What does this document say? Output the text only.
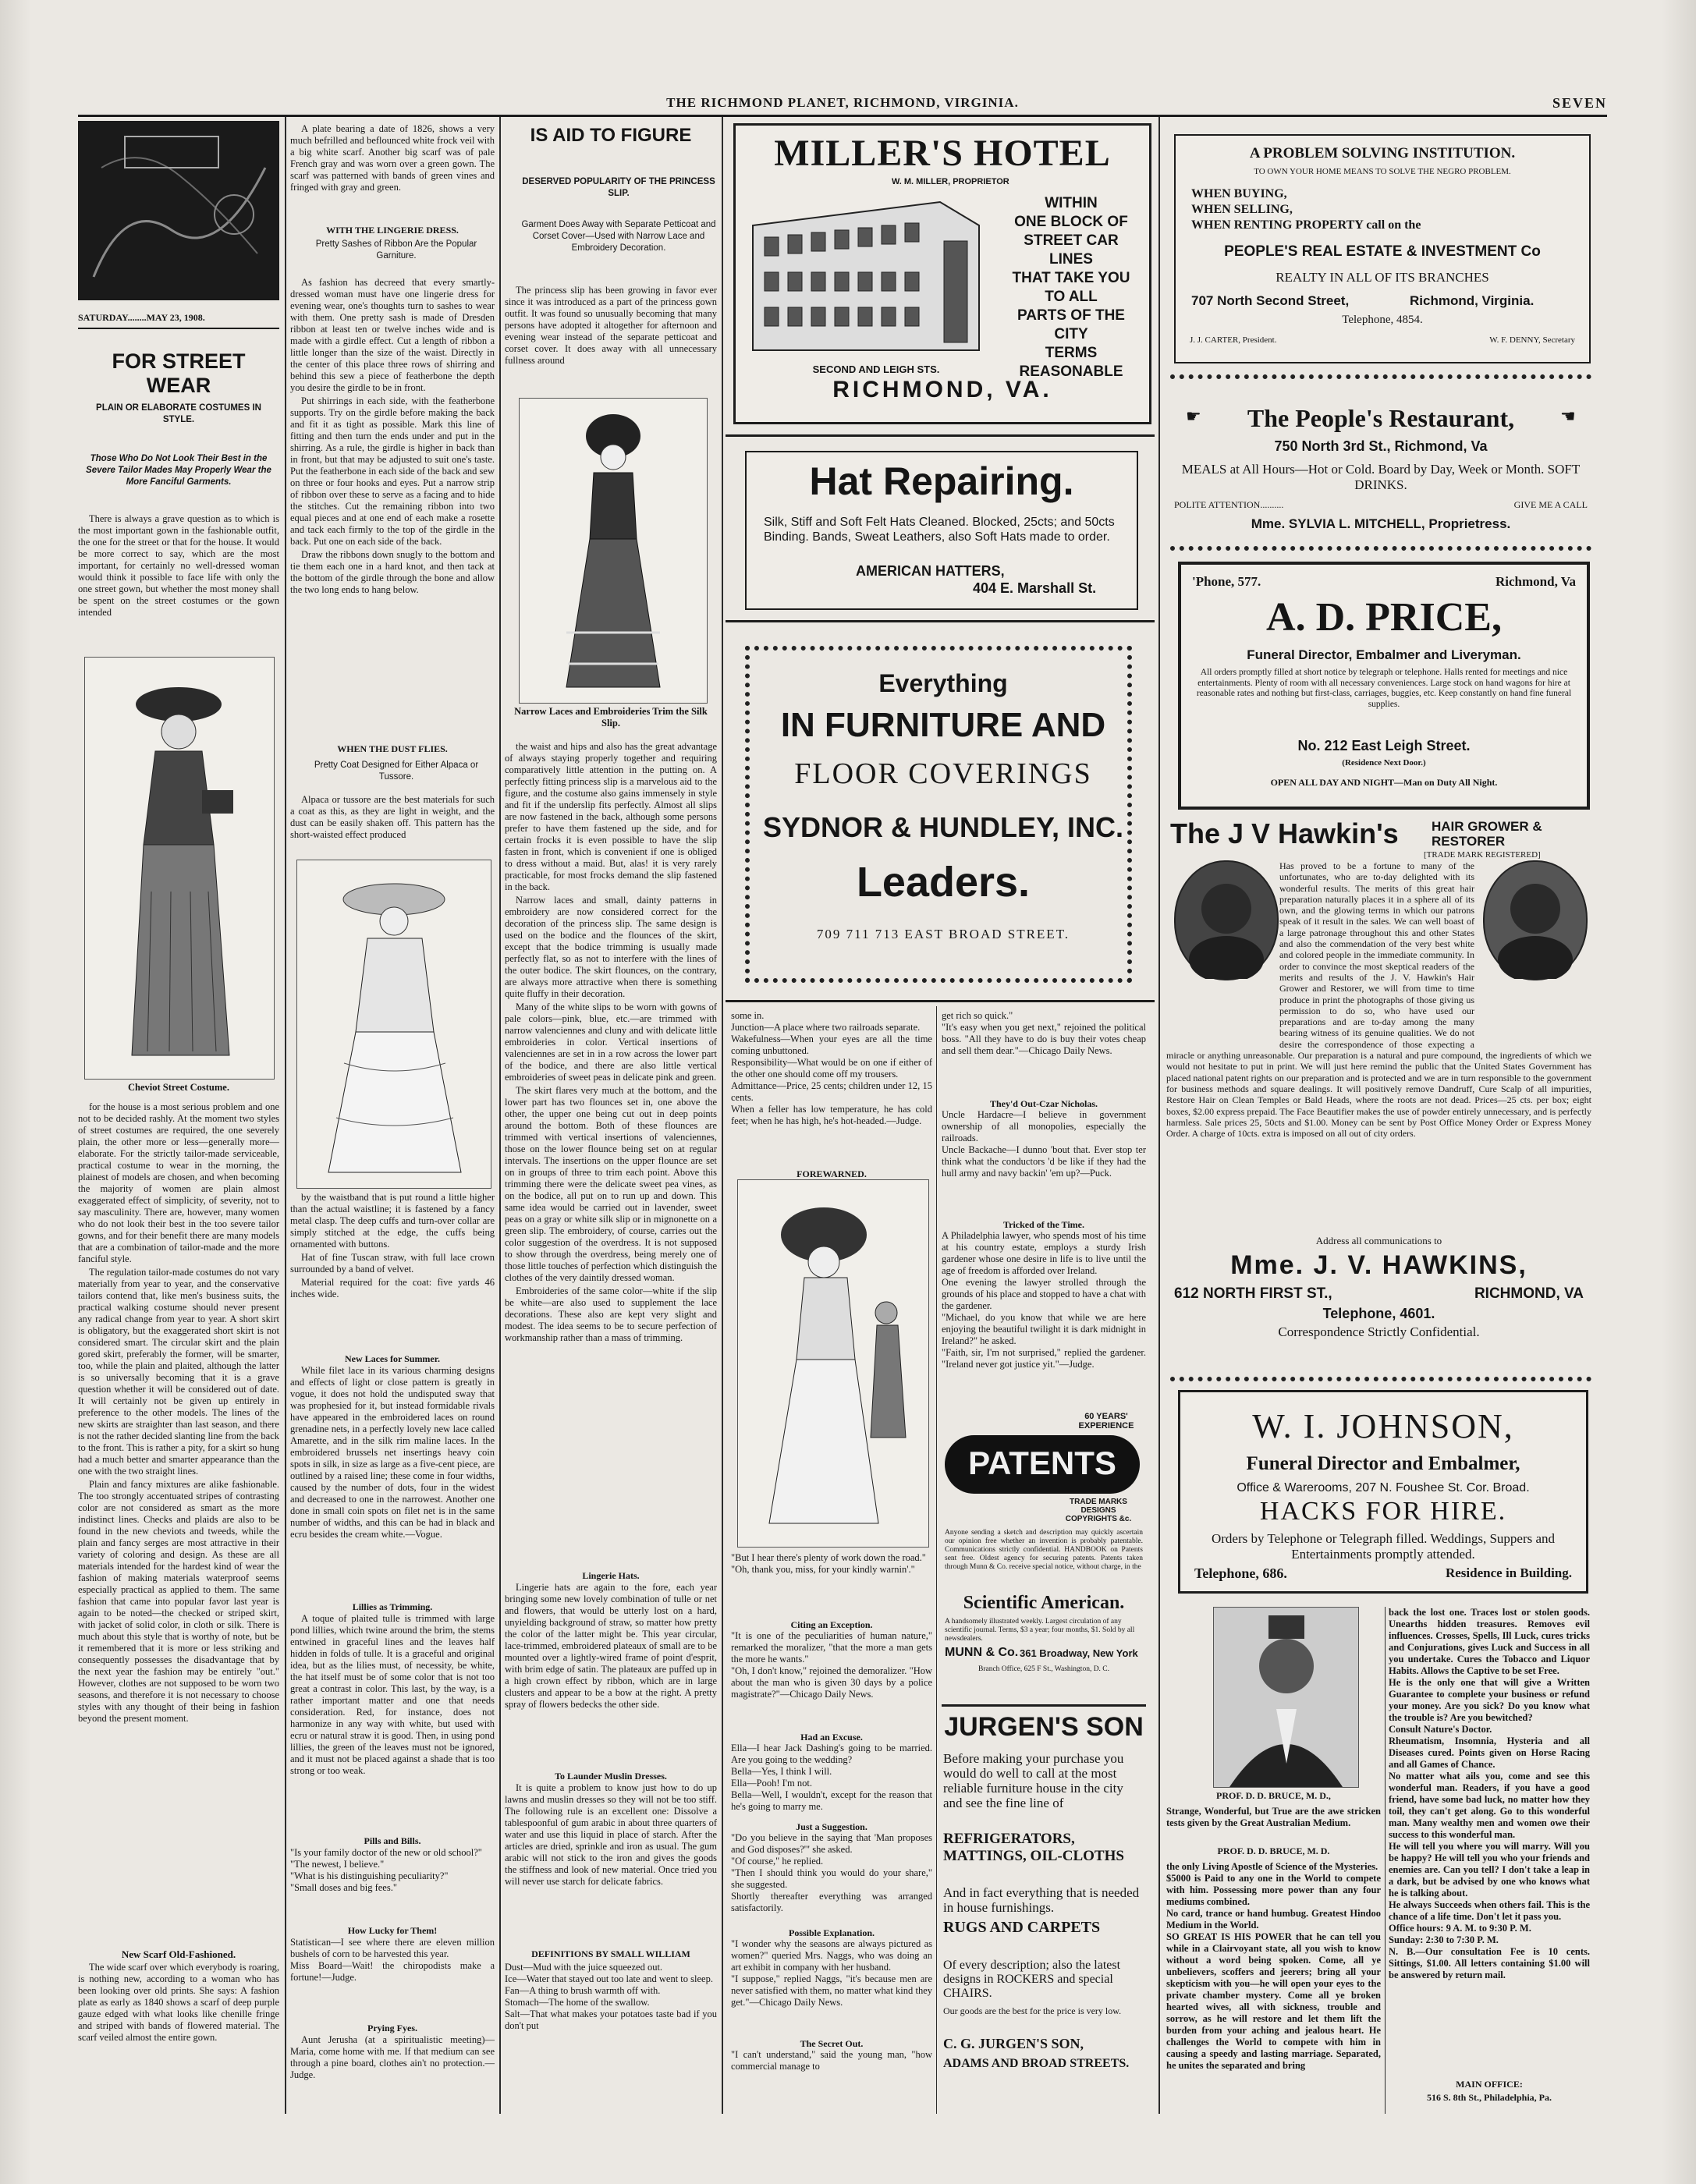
THE RICHMOND PLANET, RICHMOND, VIRGINIA.	SEVEN
SATURDAY........MAY 23, 1908.
FOR STREET WEAR
PLAIN OR ELABORATE COSTUMES IN STYLE.
Those Who Do Not Look Their Best in the Severe Tailor Mades May Properly Wear the More Fanciful Garments.

There is always a grave question as to which is the most important gown in the fashionable outfit, the one for the street or that for the house. It would be more correct to say, which are the most important, for certainly no well-dressed woman would think it possible to face life with only the one street gown, but whether the most money shall be spent on the street costumes or the gown intended

Cheviot Street Costume.

for the house is a most serious problem and one not to be decided rashly. At the moment two styles of street costumes are required, the one severely plain, the other more or less—generally more—elaborate. For the strictly tailor-made serviceable, practical costume to wear in the morning, the plainest of models are chosen, and when becoming the majority of women are plain almost exaggerated effect of simplicity, of severity, not to say masculinity. There are, however, many women who do not look their best in the too severe tailor gowns, and for their benefit there are many models that are a combination of tailor-made and the more fanciful style.

The regulation tailor-made costumes do not vary materially from year to year, and the conservative tailors contend that, like men's business suits, the practical walking costume should never present any radical change from year to year. A short skirt is obligatory, but the exaggerated short skirt is not considered smart. The circular skirt and the plain gored skirt, preferably the former, will be smarter, too, while the plain and plaited, although the latter is so universally becoming that it is a grave question whether it will be considered out of date. It will certainly not be given up entirely in preference to the other models. The lines of the new skirts are straighter than last season, and there is not the rather decided slanting line from the back to the front. This is rather a pity, for a skirt so hung had a much better and smarter appearance than the one with the two straight lines.

Plain and fancy mixtures are alike fashionable. The too strongly accentuated stripes of contrasting color are not considered as smart as the more indistinct lines. Checks and plaids are also to be found in the new cheviots and tweeds, while the plain and fancy serges are most attractive in their variety of coloring and design. As these are all materials intended for the hardest kind of wear the fashion of making materials waterproof seems especially practical as applied to them. The same fashion that came into popular favor last year is again to be noted—the checked or striped skirt, with jacket of solid color, in cloth or silk. There is much about this style that is worthy of note, but be it remembered that it is more or less striking and consequently possesses the disadvantage that by the next year the fashion may be entirely "out." However, clothes are not supposed to be worn two seasons, and therefore it is not necessary to choose styles with any thought of their being in fashion beyond the present moment.

New Scarf Old-Fashioned.

The wide scarf over which everybody is roaring, is nothing new, according to a woman who has been looking over old prints. She says: A fashion plate as early as 1840 shows a scarf of deep purple gauze edged with what looks like chenille fringe and striped with bands of flowered material. The scarf veiled almost the entire gown.

A plate bearing a date of 1826, shows a very much befrilled and beflounced white frock veil with a big white scarf. Another big scarf was of pale French gray and was worn over a green gown. The scarf was patterned with bands of green vines and fringed with gray and green.

WITH THE LINGERIE DRESS.
Pretty Sashes of Ribbon Are the Popular Garniture.

As fashion has decreed that every smartly-dressed woman must have one lingerie dress for evening wear, one's thoughts turn to sashes to wear with them. One pretty sash is made of Dresden ribbon at least ten or twelve inches wide and is made with a girdle effect. Cut a length of ribbon a little longer than the size of the waist. Directly in the center of this place three rows of shirring and behind this sew a piece of featherbone the depth you desire the girdle to be in front.

Put shirrings in each side, with the featherbone supports. Try on the girdle before making the back and fit it as tight as possible. Mark this line of fitting and then turn the ends under and put in the shirring. As a rule, the girdle is higher in back than in front, but that may be adjusted to suit one's taste. Put the featherbone in each side of the back and sew on three or four hooks and eyes. Put a narrow strip of ribbon over these to serve as a facing and to hide the stitches. Cut the remaining ribbon into two equal pieces and at one end of each make a rosette and tack each firmly to the top of the girdle in the back. Put one on each side of the back.

Draw the ribbons down snugly to the bottom and tie them each one in a hard knot, and then tack at the bottom of the girdle through the bone and allow the two long ends to hang below.

WHEN THE DUST FLIES.
Pretty Coat Designed for Either Alpaca or Tussore.

Alpaca or tussore are the best materials for such a coat as this, as they are light in weight, and the dust can be easily shaken off. This pattern has the short-waisted effect produced

by the waistband that is put round a little higher than the actual waistline; it is fastened by a fancy metal clasp. The deep cuffs and turn-over collar are simply stitched at the edge, the cuffs being ornamented with buttons.

Hat of fine Tuscan straw, with full lace crown surrounded by a band of velvet.

Material required for the coat: five yards 46 inches wide.

New Laces for Summer.

While filet lace in its various charming designs and effects of light or close pattern is greatly in vogue, it does not hold the undisputed sway that was prophesied for it, but instead formidable rivals have appeared in the embroidered laces on round grenadine nets, in a perfectly lovely new lace called Amarette, and in the silk rim maline laces. In the embroidered brussels net insertings heavy coin spots in silk, in size as large as a five-cent piece, are outlined by a raised line; these come in four widths, caused by the number of dots, four in the widest and decreased to one in the narrowest. Another one done in small coin spots on filet net is in the same number of widths, and this can be had in black and ecru besides the cream white.—Vogue.

Lillies as Trimming.

A toque of plaited tulle is trimmed with large pond lillies, which twine around the brim, the stems entwined in graceful lines and the leaves half hidden in folds of tulle. It is a graceful and original idea, but as the lilies must, of necessity, be white, the hat itself must be of some color that is not too great a contrast in color. This last, by the way, is a rather important matter and one that needs consideration. Red, for instance, does not harmonize in any way with white, but used with ecru or natural straw it is good. Then, in using pond lillies, the green of the leaves must not be ignored, and it must not be placed against a shade that is too strong or too weak.

Pills and Bills.
"Is your family doctor of the new or old school?"
"The newest, I believe."
"What is his distinguishing peculiarity?"
"Small doses and big fees."
How Lucky for Them!
Statistican—I see where there are eleven million bushels of corn to be harvested this year.
Miss Board—Wait! the chiropodists make a fortune!—Judge.
Prying Fyes.

Aunt Jerusha (at a spiritualistic meeting)—Maria, come home with me. If that medium can see through a pine board, clothes ain't no protection.—Judge.

IS AID TO FIGURE
DESERVED POPULARITY OF THE PRINCESS SLIP.
Garment Does Away with Separate Petticoat and Corset Cover—Used with Narrow Lace and Embroidery Decoration.

The princess slip has been growing in favor ever since it was introduced as a part of the princess gown outfit. It was found so unusually becoming that many persons have adopted it altogether for afternoon and evening wear instead of the separate petticoat and corset cover. It does away with all unnecessary fullness around

Narrow Laces and Embroideries Trim the Silk Slip.

the waist and hips and also has the great advantage of always staying properly together and requiring comparatively little attention in the putting on. A perfectly fitting princess slip is a marvelous aid to the figure, and the costume also gains immensely in style and fit if the underslip fits perfectly. Almost all slips are now fastened in the back, although some persons prefer to have them fastened up the side, and for certain frocks it is even possible to have the slip fasten in front, which is convenient if one is obliged to dress without a maid. But, alas! it is very rarely practicable, for most frocks demand the slip fastened in the back.

Narrow laces and small, dainty patterns in embroidery are now considered correct for the decoration of the princess slip. The same design is used on the bodice and the flounces of the skirt, except that the bodice trimming is usually made perfectly flat, so as not to interfere with the lines of the outer bodice. The skirt flounces, on the contrary, are always more attractive when there is something quite fluffy in their decoration.

Many of the white slips to be worn with gowns of pale colors—pink, blue, etc.—are trimmed with narrow valenciennes and cluny and with delicate little embroideries in color. Vertical insertions of valenciennes are set in in a row across the lower part of the bodice, and there are also little vertical embroideries of sweet peas in delicate pink and green.

The skirt flares very much at the bottom, and the lower part has two flounces set in, one above the other, the upper one being cut out in deep points around the bottom. Both of these flounces are trimmed with vertical insertions of valenciennes, those on the lower flounce being set on at regular intervals. The insertions on the upper flounce are set on in groups of three to trim each point. Above this trimming there were the delicate sweet pea vines, as on the bodice, all put on to run up and down. This same idea would be carried out in lavender, sweet peas on a gray or white silk slip or in mignonette on a green slip. The embroidery, of course, carries out the color suggestion of the overdress. It is not supposed to show through the overdress, being merely one of those little touches of perfection which distinguish the clothes of the very daintily dressed woman.

Embroideries of the same color—white if the slip be white—are also used to supplement the lace decorations. These also are kept very slight and modest. The idea seems to be to secure perfection of workmanship rather than a mass of trimming.

Lingerie Hats.

Lingerie hats are again to the fore, each year bringing some new lovely combination of tulle or net and flowers, that would be utterly lost on a hard, unyielding background of straw, so matter how pretty the color of the latter might be. This year circular, lace-trimmed, embroidered plateaux of small are to be mounted over a lightly-wired frame of point d'esprit, with brim edge of satin. The plateaux are puffed up in a high crown effect by ribbon, which are in large clusters and appear to be a bow at the right. A pretty spray of flowers bedecks the other side.

To Launder Muslin Dresses.

It is quite a problem to know just how to do up lawns and muslin dresses so they will not be too stiff. The following rule is an excellent one: Dissolve a tablespoonful of gum arabic in about three quarters of water and use this liquid in place of starch. After the articles are dried, sprinkle and iron as usual. The gum arabic will not stick to the iron and gives the goods the stiffness and look of new material. Once tried you will never use starch for delicate fabrics.

DEFINITIONS BY SMALL WILLIAM
Dust—Mud with the juice squeezed out.
Ice—Water that stayed out too late and went to sleep.
Fan—A thing to brush warmth off with.
Stomach—The home of the swallow.
Salt—That what makes your potatoes taste bad if you don't put
MILLER'S HOTEL
W. M. MILLER, PROPRIETOR
WITHIN
ONE BLOCK OF
STREET CAR LINES
THAT TAKE YOU
TO ALL
PARTS OF THE
CITY
TERMS
REASONABLE
SECOND AND LEIGH STS.
RICHMOND, VA.
Hat Repairing.
Silk, Stiff and Soft Felt Hats Cleaned. Blocked, 25cts; and 50cts Binding. Bands, Sweat Leathers, also Soft Hats made to order.
AMERICAN HATTERS,
404 E. Marshall St.
Everything
IN FURNITURE AND
FLOOR COVERINGS
SYDNOR & HUNDLEY, INC.
Leaders.
709 711 713 EAST BROAD STREET.
some in.
Junction—A place where two railroads separate.
Wakefulness—When your eyes are all the time coming unbuttoned.
Responsibility—What would be on one if either of the other one should come off my trousers.
Admittance—Price, 25 cents; children under 12, 15 cents.
When a feller has low temperature, he has cold feet; when he has high, he's hot-headed.—Judge.
FOREWARNED.
"But I hear there's plenty of work down the road."
"Oh, thank you, miss, for your kindly warnin'."
Citing an Exception.
"It is one of the peculiarities of human nature," remarked the moralizer, "that the more a man gets the more he wants."
"Oh, I don't know," rejoined the demoralizer. "How about the man who is given 30 days by a police magistrate?"—Chicago Daily News.
Had an Excuse.
Ella—I hear Jack Dashing's going to be married. Are you going to the wedding?
Bella—Yes, I think I will.
Ella—Pooh! I'm not.
Bella—Well, I wouldn't, except for the reason that he's going to marry me.
Just a Suggestion.
"Do you believe in the saying that 'Man proposes and God disposes?'" she asked.
"Of course," he replied.
"Then I should think you would do your share," she suggested.
Shortly thereafter everything was arranged satisfactorily.
Possible Explanation.
"I wonder why the seasons are always pictured as women?" queried Mrs. Naggs, who was doing an art exhibit in company with her husband.
"I suppose," replied Naggs, "it's because men are never satisfied with them, no matter what kind they get."—Chicago Daily News.
The Secret Out.
"I can't understand," said the young man, "how commercial manage to
get rich so quick."
"It's easy when you get next," rejoined the political boss. "All they have to do is buy their votes cheap and sell them dear."—Chicago Daily News.
They'd Out-Czar Nicholas.
Uncle Hardacre—I believe in government ownership of all monopolies, especially the railroads.
Uncle Backache—I dunno 'bout that. Ever stop ter think what the conductors 'd be like if they had the hull army and navy backin' 'em up?—Puck.
Tricked of the Time.
A Philadelphia lawyer, who spends most of his time at his country estate, employs a sturdy Irish gardener whose one desire in life is to live until the age of freedom is afforded over Ireland.
One evening the lawyer strolled through the grounds of his place and stopped to have a chat with the gardener.
"Michael, do you know that while we are here enjoying the beautiful twilight it is dark midnight in Ireland?" he asked.
"Faith, sir, I'm not surprised," replied the gardener. "Ireland never got justice yit."—Judge.
60 YEARS' EXPERIENCE
PATENTS
TRADE MARKS DESIGNS COPYRIGHTS &c.
Anyone sending a sketch and description may quickly ascertain our opinion free whether an invention is probably patentable. Communications strictly confidential. HANDBOOK on Patents sent free. Oldest agency for securing patents. Patents taken through Munn & Co. receive special notice, without charge, in the
Scientific American.
A handsomely illustrated weekly. Largest circulation of any scientific journal. Terms, $3 a year; four months, $1. Sold by all newsdealers.
MUNN & Co. 361 Broadway, New York
Branch Office, 625 F St., Washington, D. C.
JURGEN'S SON
Before making your purchase you would do well to call at the most reliable furniture house in the city and see the fine line of
REFRIGERATORS, MATTINGS, OIL-CLOTHS
And in fact everything that is needed in house furnishings.
RUGS AND CARPETS
Of every description; also the latest designs in ROCKERS and special CHAIRS.
Our goods are the best for the price is very low.
C. G. JURGEN'S SON,
ADAMS AND BROAD STREETS.
A PROBLEM SOLVING INSTITUTION.
TO OWN YOUR HOME MEANS TO SOLVE THE NEGRO PROBLEM.
WHEN BUYING,
WHEN SELLING,
WHEN RENTING PROPERTY call on the
PEOPLE'S REAL ESTATE & INVESTMENT Co
REALTY IN ALL OF ITS BRANCHES
707 North Second Street,	Richmond, Virginia.
Telephone, 4854.
J. J. CARTER, President.	W. F. DENNY, Secretary
☛	☛
The People's Restaurant,
750 North 3rd St., Richmond, Va
MEALS at All Hours—Hot or Cold. Board by Day, Week or Month. SOFT DRINKS.
POLITE ATTENTION..........	GIVE ME A CALL
Mme. SYLVIA L. MITCHELL, Proprietress.
'Phone, 577.	Richmond, Va
A. D. PRICE,
Funeral Director, Embalmer and Liveryman.
All orders promptly filled at short notice by telegraph or telephone. Halls rented for meetings and nice entertainments. Plenty of room with all necessary conveniences. Large stock on hand wagons for hire at reasonable rates and nothing but first-class, carriages, buggies, etc. Keep constantly on hand fine funeral supplies.
No. 212 East Leigh Street.
(Residence Next Door.)
OPEN ALL DAY AND NIGHT—Man on Duty All Night.
The J V Hawkin's HAIR GROWER & RESTORER
[TRADE MARK REGISTERED]
Has proved to be a fortune to many of the unfortunates, who are to-day delighted with its wonderful results. The merits of this great hair preparation naturally places it in a sphere all of its own, and the glowing terms in which our patrons speak of it result in the sales. We can well boast of a large patronage throughout this and other States and also the commendation of the very best white and colored people in the immediate community. In order to convince the most skeptical readers of the merits and results of the J. V. Hawkin's Hair Grower and Restorer, we will from time to time produce in print the photographs of those giving us permission to do so, who have used our preparations and are to-day among the many bearing witness of its genuine qualities. We do not desire the correspondence of those expecting a miracle or anything unreasonable. Our preparation is a natural and pure compound, the ingredients of which we would not hesitate to put in print. We will just here remind the public that the United States Government has placed national patent rights on our preparation and is protected and we are in turn responsible to the government for business methods and square dealings. It will positively remove Dandruff, Cure Scalp of all impurities, Restore Hair on Clean Temples or Bald Heads, where the roots are not dead. Prices—25 cts. per box; eight boxes, $2.00 express prepaid. The Face Beautifier makes the use of powder entirely unnecessary, and is perfectly harmless. Sale prices 25, 50cts and $1.00. Money can be sent by Post Office Money Order or Express Money Order. A charge of 10cts. extra is imposed on all out of city orders.
Address all communications to
Mme. J. V. HAWKINS,
612 NORTH FIRST ST.,	RICHMOND, VA
Telephone, 4601.
Correspondence Strictly Confidential.
W. I. JOHNSON,
Funeral Director and Embalmer,
Office & Warerooms, 207 N. Foushee St. Cor. Broad.
HACKS FOR HIRE.
Orders by Telephone or Telegraph filled. Weddings, Suppers and Entertainments promptly attended.
Telephone, 686.	Residence in Building.
PROF. D. D. BRUCE, M. D.,
Strange, Wonderful, but True are the awe stricken tests given by the Great Australian Medium.
PROF. D. D. BRUCE, M. D.
the only Living Apostle of Science of the Mysteries.
$5000 is Paid to any one in the World to compete with him. Possessing more power than any four mediums combined.
No card, trance or hand humbug. Greatest Hindoo Medium in the World.
SO GREAT IS HIS POWER that he can tell you while in a Clairvoyant state, all you wish to know without a word being spoken. Come, all ye unbelievers, scoffers and jeerers; bring all your skepticism with you—he will open your eyes to the private chamber mystery. Come all ye broken hearted wives, all with sickness, trouble and sorrow, as he will restore and let them lift the burden from your aching and jealous heart. He challenges the World to compete with him in causing a speedy and lasting marriage. Separated, he unites the separated and bring
back the lost one. Traces lost or stolen goods. Unearths hidden treasures. Removes evil influences. Crosses, Spells, Ill Luck, cures tricks and Conjurations, gives Luck and Success in all you undertake. Cures the Tobacco and Liquor Habits. Allows the Captive to be set Free.
He is the only one that will give a Written Guarantee to complete your business or refund your money. Are you sick? Do you know what the trouble is? Are you bewitched?
Consult Nature's Doctor.
Rheumatism, Insomnia, Hysteria and all Diseases cured. Points given on Horse Racing and all Games of Chance.
No matter what ails you, come and see this wonderful man. Readers, if you have a good friend, have some bad luck, no matter how they toil, they can't get along. Go to this wonderful man. Many wealthy men and women owe their success to this wonderful man.
He will tell you where you will marry. Will you be happy? He will tell you who your friends and enemies are. Can you tell? I don't take a leap in a dark, but be advised by one who knows what he is talking about.
He always Succeeds when others fail. This is the chance of a life time. Don't let it pass you.
Office hours: 9 A. M. to 9:30 P. M.
Sunday: 2:30 to 7:30 P. M.
N. B.—Our consultation Fee is 10 cents. Sittings, $1.00. All letters containing $1.00 will be answered by return mail.
MAIN OFFICE:
516 S. 8th St., Philadelphia, Pa.
